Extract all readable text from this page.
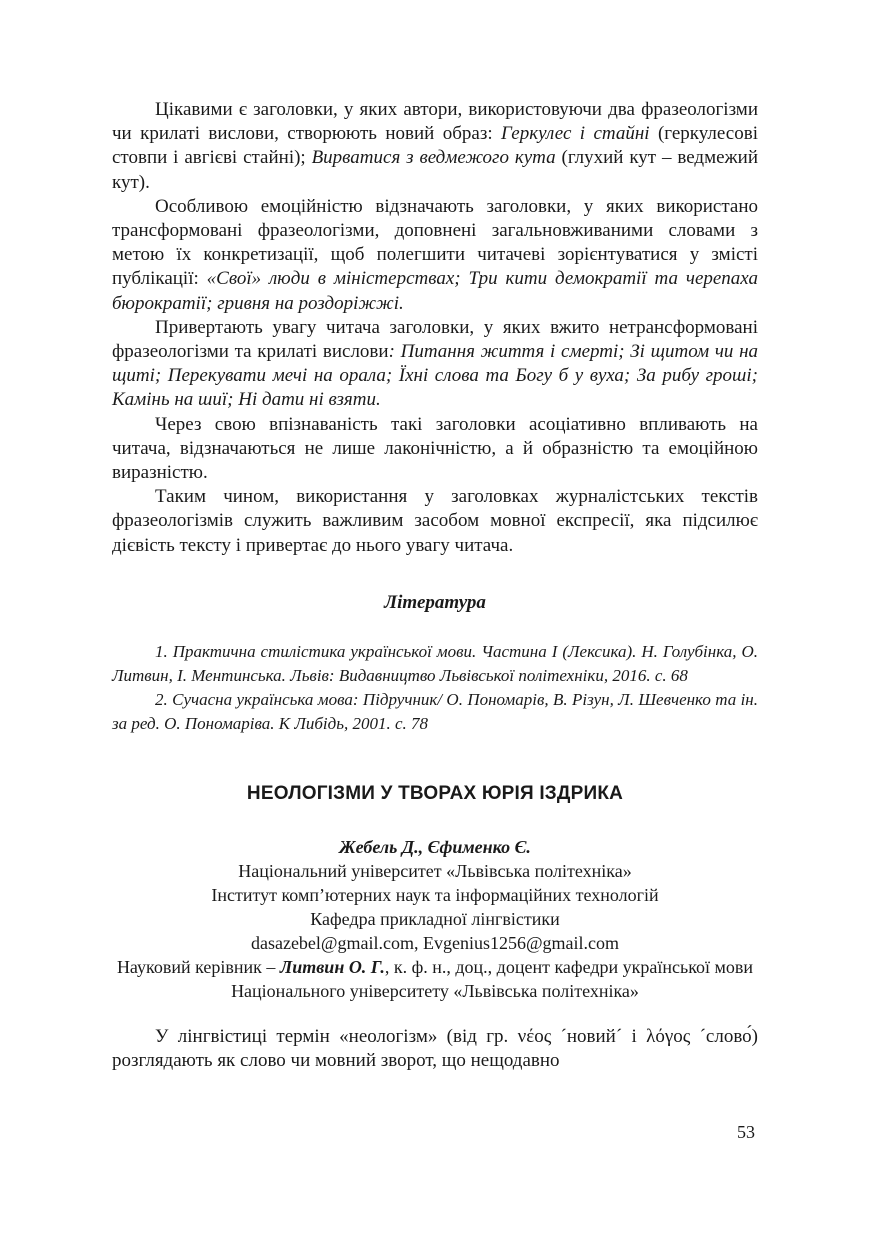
Цікавими є заголовки, у яких автори, використовуючи два фразеологізми чи крилаті вислови, створюють новий образ: Геркулес і стайні (геркулесові стовпи і авгієві стайні); Вирватися з ведмежого кута (глухий кут – ведмежий кут).

Особливою емоційністю відзначають заголовки, у яких використано трансформовані фразеологізми, доповнені загальновживаними словами з метою їх конкретизації, щоб полегшити читачеві зорієнтуватися у змісті публікації: «Свої» люди в міністерствах; Три кити демократії та черепаха бюрократії; гривня на роздоріжжі.

Привертають увагу читача заголовки, у яких вжито нетрансформовані фразеологізми та крилаті вислови: Питання життя і смерті; Зі щитом чи на щиті; Перекувати мечі на орала; Їхні слова та Богу б у вуха; За рибу гроші; Камінь на шиї; Ні дати ні взяти.

Через свою впізнаваність такі заголовки асоціативно впливають на читача, відзначаються не лише лаконічністю, а й образністю та емоційною виразністю.

Таким чином, використання у заголовках журналістських текстів фразеологізмів служить важливим засобом мовної експресії, яка підсилює дієвість тексту і привертає до нього увагу читача.

Література

1. Практична стилістика української мови. Частина І (Лексика). Н. Голубінка, О. Литвин, І. Ментинська. Львів: Видавництво Львівської політехніки, 2016. с. 68

2. Сучасна українська мова: Підручник/ О. Пономарів, В. Різун, Л. Шевченко та ін. за ред. О. Пономаріва. К Либідь, 2001. с. 78

НЕОЛОГІЗМИ У ТВОРАХ ЮРІЯ ІЗДРИКА

Жебель Д., Єфименко Є.

Національний університет «Львівська політехніка»

Інститут комп’ютерних наук та інформаційних технологій

Кафедра прикладної лінгвістики

dasazebel@gmail.com, Evgenius1256@gmail.com

Науковий керівник – Литвин О. Г., к. ф. н., доц., доцент кафедри української мови Національного університету «Львівська політехніка»

У лінгвістиці термін «неологізм» (від гр. νέος ´новий´ і λόγος ´слово́) розглядають як слово чи мовний зворот, що нещодавно

53
